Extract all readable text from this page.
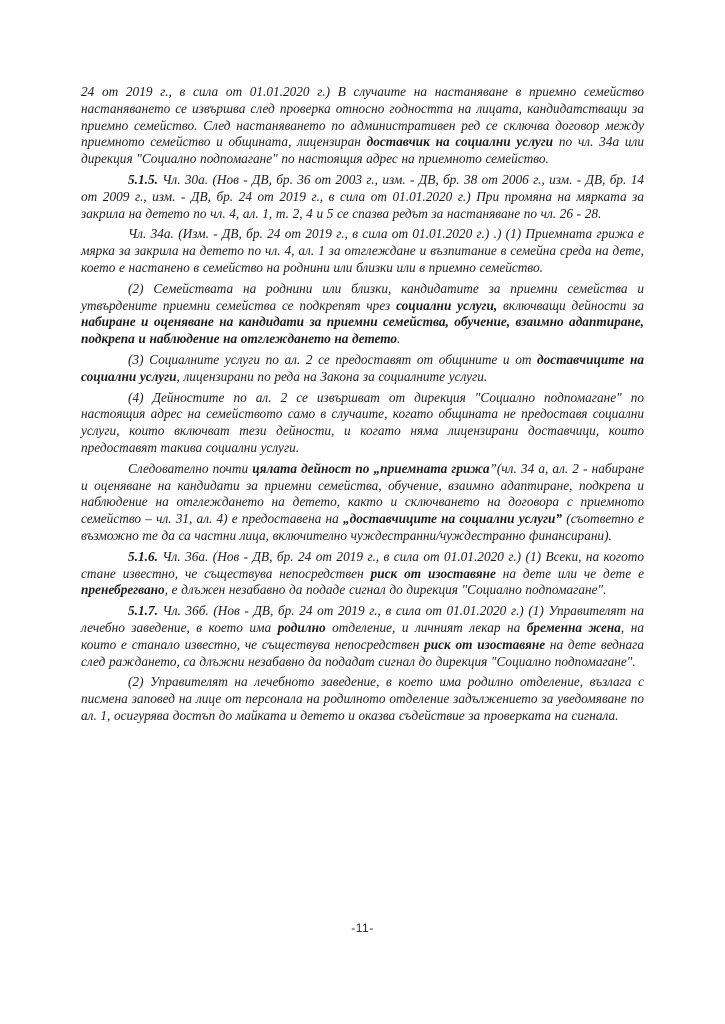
24 от 2019 г., в сила от 01.01.2020 г.) В случаите на настаняване в приемно семейство настаняването се извършва след проверка относно годността на лицата, кандидатстващи за приемно семейство. След настаняването по административен ред се сключва договор между приемното семейство и общината, лицензиран доставчик на социални услуги по чл. 34а или дирекция "Социално подпомагане" по настоящия адрес на приемното семейство.

5.1.5. Чл. 30а. (Нов - ДВ, бр. 36 от 2003 г., изм. - ДВ, бр. 38 от 2006 г., изм. - ДВ, бр. 14 от 2009 г., изм. - ДВ, бр. 24 от 2019 г., в сила от 01.01.2020 г.) При промяна на мярката за закрила на детето по чл. 4, ал. 1, т. 2, 4 и 5 се спазва редът за настаняване по чл. 26 - 28.

Чл. 34а. (Изм. - ДВ, бр. 24 от 2019 г., в сила от 01.01.2020 г.) .) (1) Приемната грижа е мярка за закрила на детето по чл. 4, ал. 1 за отглеждане и възпитание в семейна среда на дете, което е настанено в семейство на роднини или близки или в приемно семейство.

(2) Семействата на роднини или близки, кандидатите за приемни семейства и утвърдените приемни семейства се подкрепят чрез социални услуги, включващи дейности за набиране и оценяване на кандидати за приемни семейства, обучение, взаимно адаптиране, подкрепа и наблюдение на отглеждането на детето.

(3) Социалните услуги по ал. 2 се предоставят от общините и от доставчиците на социални услуги, лицензирани по реда на Закона за социалните услуги.

(4) Дейностите по ал. 2 се извършват от дирекция "Социално подпомагане" по настоящия адрес на семейството само в случаите, когато общината не предоставя социални услуги, които включват тези дейности, и когато няма лицензирани доставчици, които предоставят такива социални услуги.

Следователно почти цялата дейност по „приемната грижа”(чл. 34 а, ал. 2 - набиране и оценяване на кандидати за приемни семейства, обучение, взаимно адаптиране, подкрепа и наблюдение на отглеждането на детето, както и сключването на договора с приемното семейство – чл. 31, ал. 4) е предоставена на „доставчиците на социални услуги” (съответно е възможно те да са частни лица, включително чуждестранни/чуждестранно финансирани).

5.1.6. Чл. 36а. (Нов - ДВ, бр. 24 от 2019 г., в сила от 01.01.2020 г.) (1) Всеки, на когото стане известно, че съществува непосредствен риск от изоставяне на дете или че дете е пренебрегвано, е длъжен незабавно да подаде сигнал до дирекция "Социално подпомагане".

5.1.7. Чл. 36б. (Нов - ДВ, бр. 24 от 2019 г., в сила от 01.01.2020 г.) (1) Управителят на лечебно заведение, в което има родилно отделение, и личният лекар на бременна жена, на които е станало известно, че съществува непосредствен риск от изоставяне на дете веднага след раждането, са длъжни незабавно да подадат сигнал до дирекция "Социално подпомагане".

(2) Управителят на лечебното заведение, в което има родилно отделение, възлага с писмена заповед на лице от персонала на родилното отделение задължението за уведомяване по ал. 1, осигурява достъп до майката и детето и оказва съдействие за проверката на сигнала.

-11-
